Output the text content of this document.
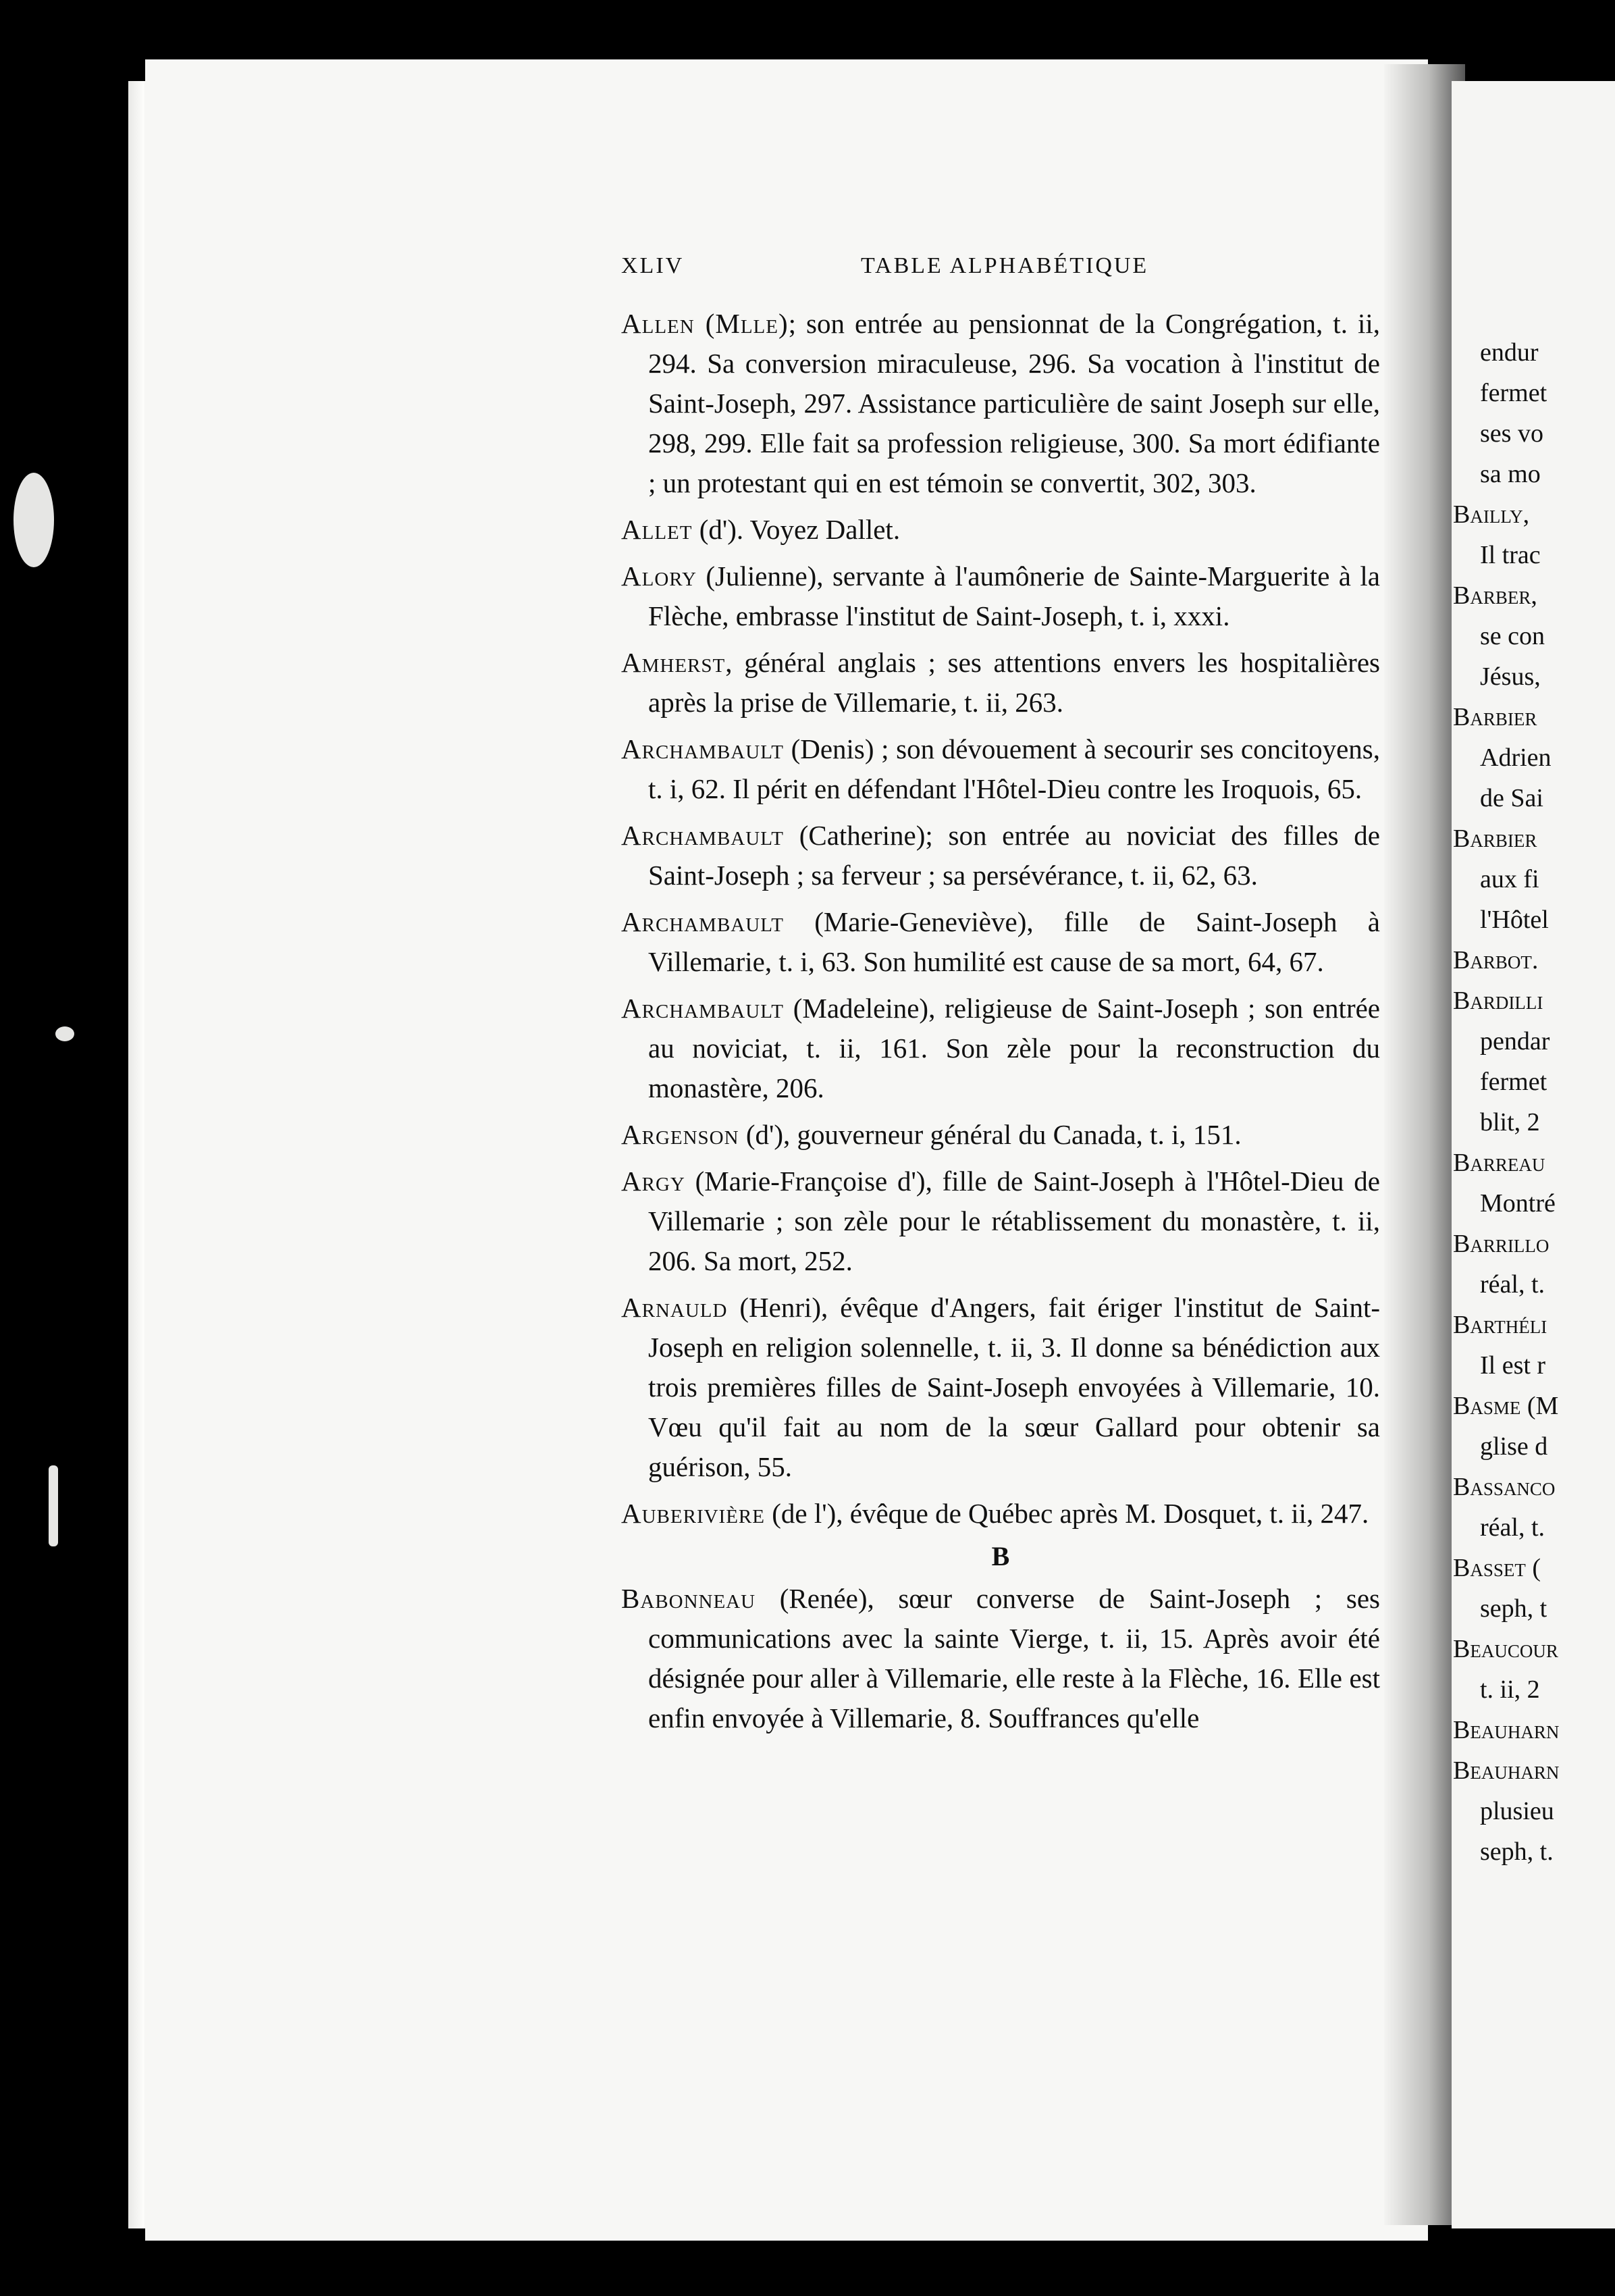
endur
fermet
ses vo
sa mo
Bailly,
Il trac
Barber,
se con
Jésus,
Barbier
Adrien
de Sai
Barbier
aux fi
l'Hôtel
Barbot.
Bardilli
pendar
fermet
blit, 2
Barreau
Montré
Barrillo
réal, t.
Barthéli
Il est r
Basme (M
glise d
Bassanco
réal, t.
Basset (
seph, t
Beaucour
t. ii, 2
Beauharn
Beauharn
plusieu
seph, t.
XLIV	TABLE ALPHABÉTIQUE
Allen (Mlle); son entrée au pensionnat de la Congrégation, t. ii, 294. Sa conversion miraculeuse, 296. Sa vocation à l'institut de Saint-Joseph, 297. Assistance particulière de saint Joseph sur elle, 298, 299. Elle fait sa profession religieuse, 300. Sa mort édifiante ; un protestant qui en est témoin se convertit, 302, 303.
Allet (d'). Voyez Dallet.
Alory (Julienne), servante à l'aumônerie de Sainte-Marguerite à la Flèche, embrasse l'institut de Saint-Joseph, t. i, xxxi.
Amherst, général anglais ; ses attentions envers les hospitalières après la prise de Villemarie, t. ii, 263.
Archambault (Denis) ; son dévouement à secourir ses concitoyens, t. i, 62. Il périt en défendant l'Hôtel-Dieu contre les Iroquois, 65.
Archambault (Catherine); son entrée au noviciat des filles de Saint-Joseph ; sa ferveur ; sa persévérance, t. ii, 62, 63.
Archambault (Marie-Geneviève), fille de Saint-Joseph à Villemarie, t. i, 63. Son humilité est cause de sa mort, 64, 67.
Archambault (Madeleine), religieuse de Saint-Joseph ; son entrée au noviciat, t. ii, 161. Son zèle pour la reconstruction du monastère, 206.
Argenson (d'), gouverneur général du Canada, t. i, 151.
Argy (Marie-Françoise d'), fille de Saint-Joseph à l'Hôtel-Dieu de Villemarie ; son zèle pour le rétablissement du monastère, t. ii, 206. Sa mort, 252.
Arnauld (Henri), évêque d'Angers, fait ériger l'institut de Saint-Joseph en religion solennelle, t. ii, 3. Il donne sa bénédiction aux trois premières filles de Saint-Joseph envoyées à Villemarie, 10. Vœu qu'il fait au nom de la sœur Gallard pour obtenir sa guérison, 55.
Auberivière (de l'), évêque de Québec après M. Dosquet, t. ii, 247.
B
Babonneau (Renée), sœur converse de Saint-Joseph ; ses communications avec la sainte Vierge, t. ii, 15. Après avoir été désignée pour aller à Villemarie, elle reste à la Flèche, 16. Elle est enfin envoyée à Villemarie, 8. Souffrances qu'elle
